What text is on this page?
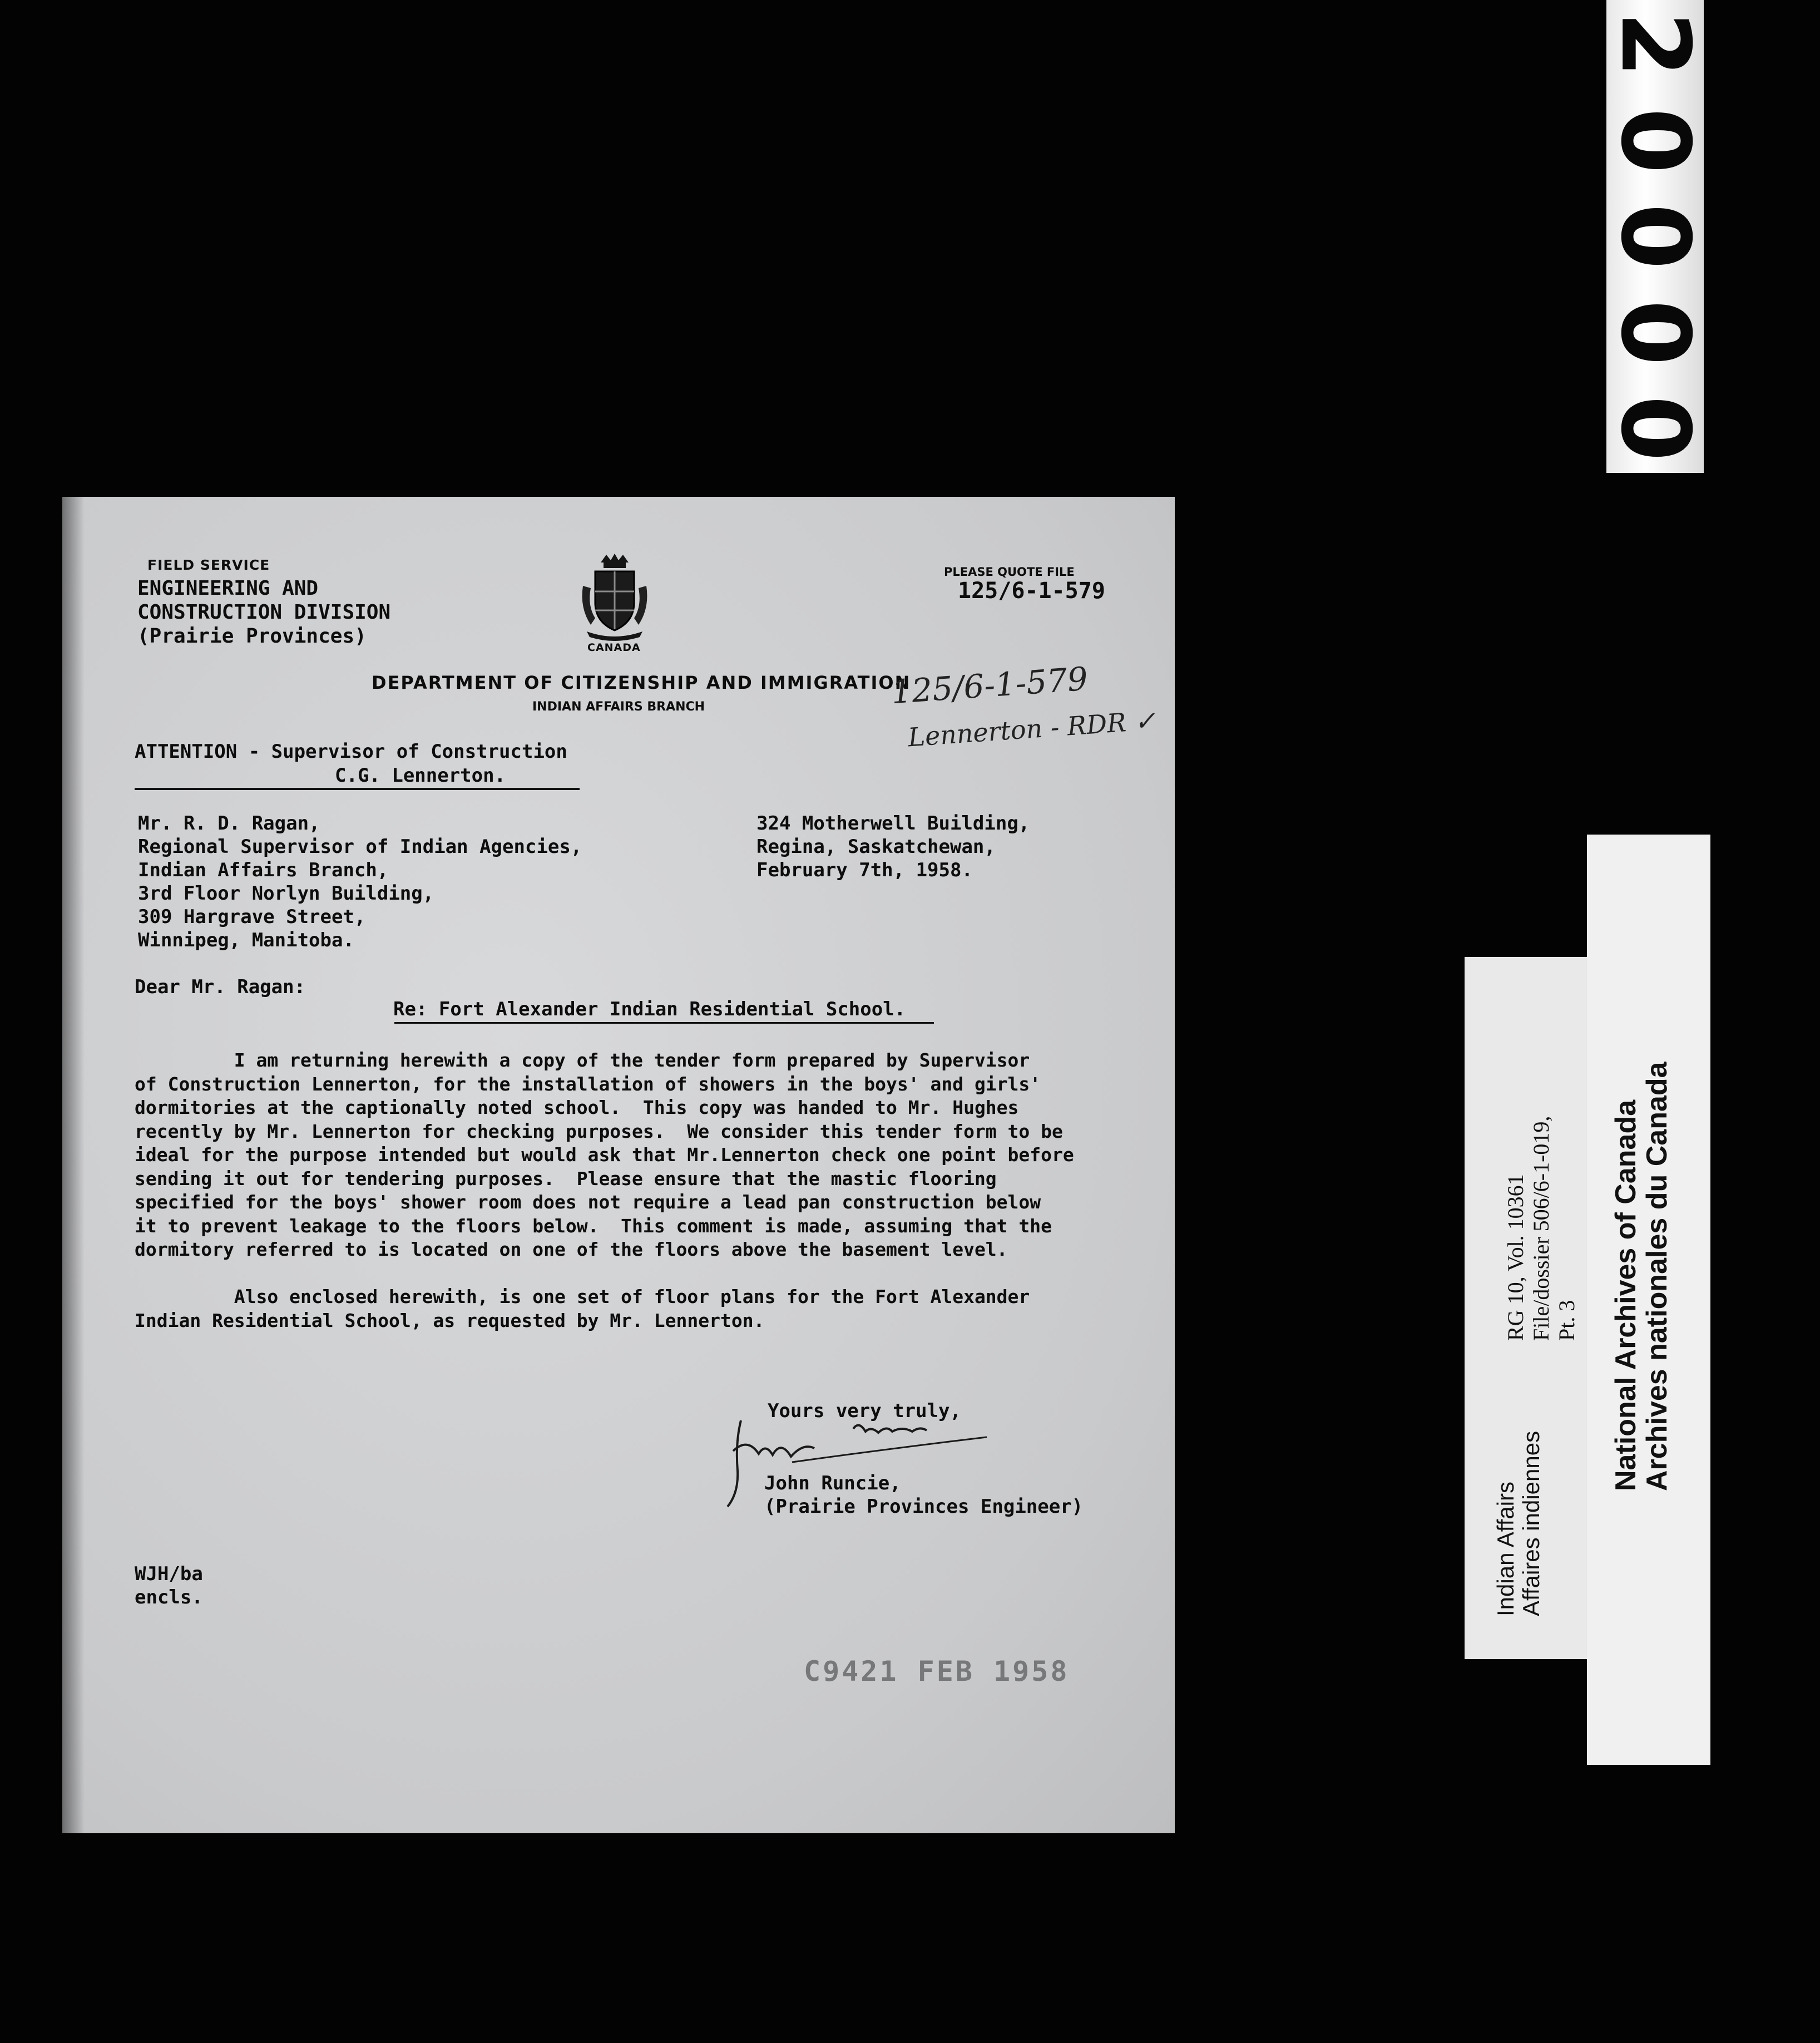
FIELD SERVICE
ENGINEERING AND
CONSTRUCTION DIVISION
(Prairie Provinces)	CANADA
PLEASE QUOTE FILE
125/6-1-579
DEPARTMENT OF CITIZENSHIP AND IMMIGRATION
INDIAN AFFAIRS BRANCH	125/6-1-579
Lennerton - RDR ✓
ATTENTION - Supervisor of Construction
C.G. Lennerton.
Mr. R. D. Ragan,
Regional Supervisor of Indian Agencies,
Indian Affairs Branch,
3rd Floor Norlyn Building,
309 Hargrave Street,
Winnipeg, Manitoba.
324 Motherwell Building,
Regina, Saskatchewan,
February 7th, 1958.
Dear Mr. Ragan:
Re: Fort Alexander Indian Residential School.
I am returning herewith a copy of the tender form prepared by Supervisor
of Construction Lennerton, for the installation of showers in the boys' and girls'
dormitories at the captionally noted school.  This copy was handed to Mr. Hughes
recently by Mr. Lennerton for checking purposes.  We consider this tender form to be
ideal for the purpose intended but would ask that Mr.Lennerton check one point before
sending it out for tendering purposes.  Please ensure that the mastic flooring
specified for the boys' shower room does not require a lead pan construction below
it to prevent leakage to the floors below.  This comment is made, assuming that the
dormitory referred to is located on one of the floors above the basement level.

Also enclosed herewith, is one set of floor plans for the Fort Alexander
Indian Residential School, as requested by Mr. Lennerton.
Yours very truly,
John Runcie,
(Prairie Provinces Engineer)
WJH/ba
encls.
C9421 FEB 1958
2
0
0
0
0
RG 10, Vol. 10361
File/dossier 506/6-1-019,
Pt. 3
Indian Affairs
Affaires indiennes National Archives of Canada
Archives nationales du Canada
